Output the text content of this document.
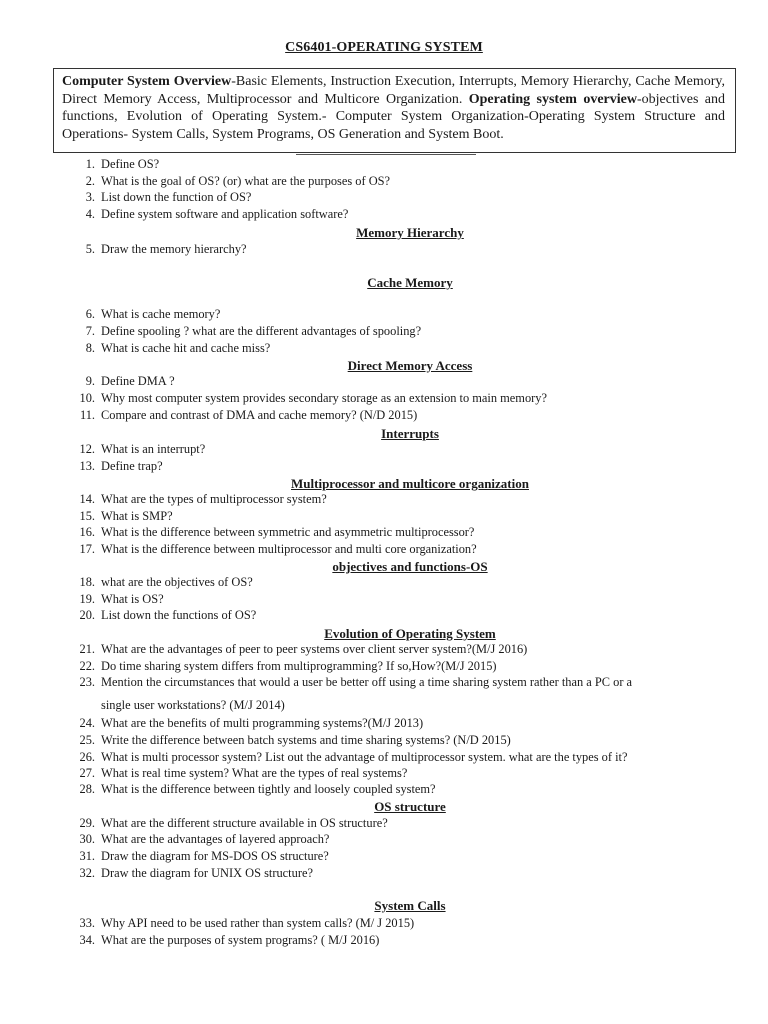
CS6401-OPERATING SYSTEM
Computer System Overview-Basic Elements, Instruction Execution, Interrupts, Memory Hierarchy, Cache Memory, Direct Memory Access, Multiprocessor and Multicore Organization. Operating system overview-objectives and functions, Evolution of Operating System.- Computer System Organization-Operating System Structure and Operations- System Calls, System Programs, OS Generation and System Boot.
1. Define OS?
2. What is the goal of OS? (or) what are the purposes of OS?
3. List down the function of OS?
4. Define system software and application software?
Memory Hierarchy
5. Draw the memory hierarchy?
Cache Memory
6. What is cache memory?
7. Define spooling ? what are the different advantages of spooling?
8. What is cache hit and cache miss?
Direct Memory Access
9. Define DMA ?
10. Why most computer system provides secondary storage as an extension to main memory?
11. Compare and contrast of DMA and cache memory? (N/D 2015)
Interrupts
12. What is an interrupt?
13. Define trap?
Multiprocessor and multicore organization
14. What are the types of multiprocessor system?
15. What is SMP?
16. What is the difference between symmetric and asymmetric multiprocessor?
17. What is the difference between multiprocessor and multi core organization?
objectives and functions-OS
18. what are the objectives of OS?
19. What is OS?
20. List down the functions of OS?
Evolution of Operating System
21. What are the advantages of peer to peer systems over client server system?(M/J 2016)
22. Do time sharing system differs from multiprogramming? If so,How?(M/J 2015)
23. Mention the circumstances that would a user be better off using a time sharing system rather than a PC or a
single user workstations? (M/J 2014)
24. What are the benefits of multi programming systems?(M/J 2013)
25. Write the difference between batch systems and time sharing systems? (N/D 2015)
26. What is multi processor system? List out the advantage of multiprocessor system. what are the types of it?
27. What is real time system? What are the types of real systems?
28. What is the difference between tightly and loosely coupled system?
OS structure
29. What are the different structure available in OS structure?
30. What are the advantages of layered approach?
31. Draw the diagram for MS-DOS OS structure?
32. Draw the diagram for UNIX OS structure?
System Calls
33. Why API need to be used rather than system calls? (M/ J 2015)
34. What are the purposes of system programs? ( M/J 2016)
